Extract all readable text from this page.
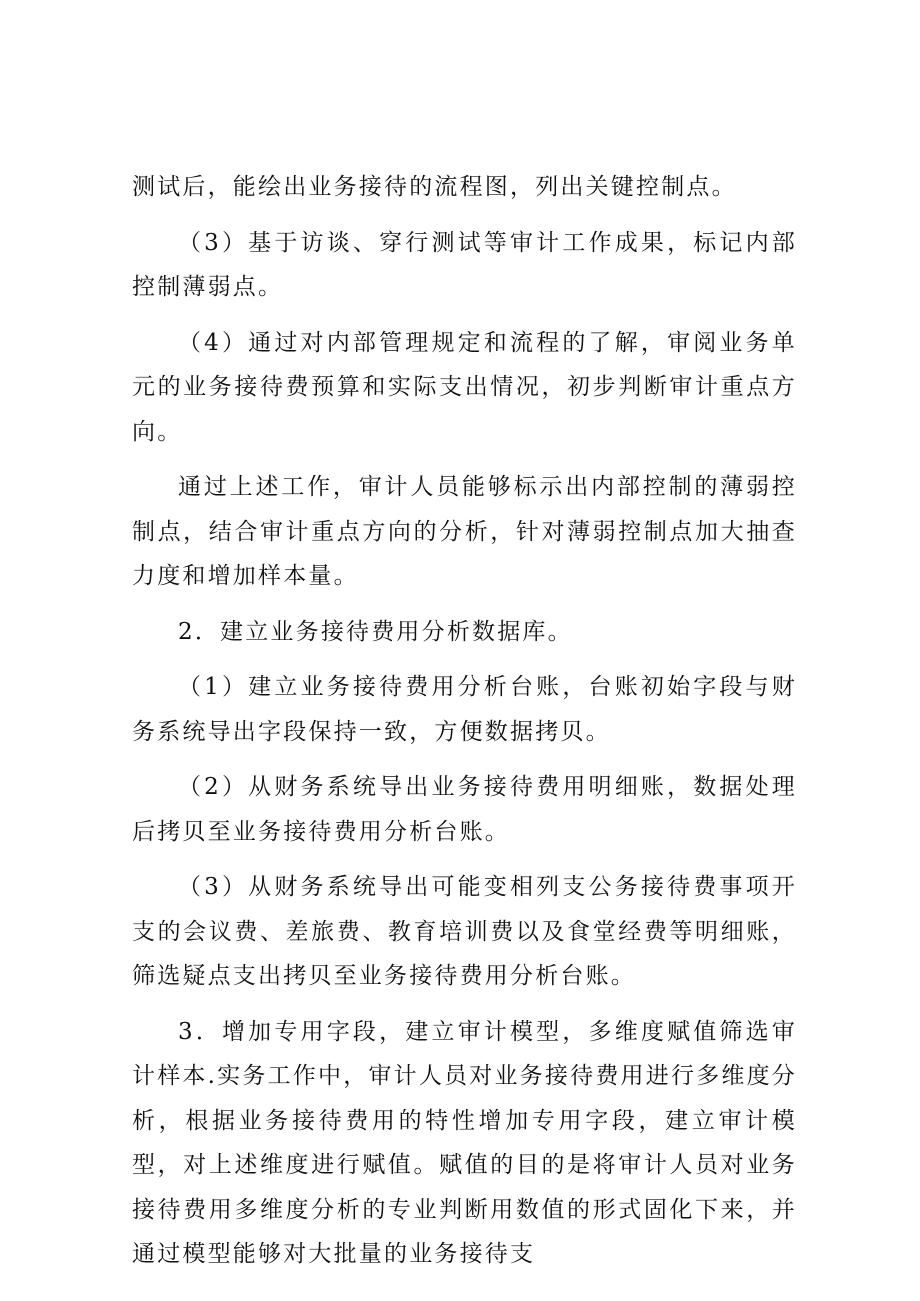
测试后，能绘出业务接待的流程图，列出关键控制点。

（3）基于访谈、穿行测试等审计工作成果，标记内部控制薄弱点。

（4）通过对内部管理规定和流程的了解，审阅业务单元的业务接待费预算和实际支出情况，初步判断审计重点方向。

通过上述工作，审计人员能够标示出内部控制的薄弱控制点，结合审计重点方向的分析，针对薄弱控制点加大抽查力度和增加样本量。

2．建立业务接待费用分析数据库。

（1）建立业务接待费用分析台账，台账初始字段与财务系统导出字段保持一致，方便数据拷贝。

（2）从财务系统导出业务接待费用明细账，数据处理后拷贝至业务接待费用分析台账。

（3）从财务系统导出可能变相列支公务接待费事项开支的会议费、差旅费、教育培训费以及食堂经费等明细账，筛选疑点支出拷贝至业务接待费用分析台账。

3．增加专用字段，建立审计模型，多维度赋值筛选审计样本.实务工作中，审计人员对业务接待费用进行多维度分析，根据业务接待费用的特性增加专用字段，建立审计模型，对上述维度进行赋值。赋值的目的是将审计人员对业务接待费用多维度分析的专业判断用数值的形式固化下来，并通过模型能够对大批量的业务接待支
